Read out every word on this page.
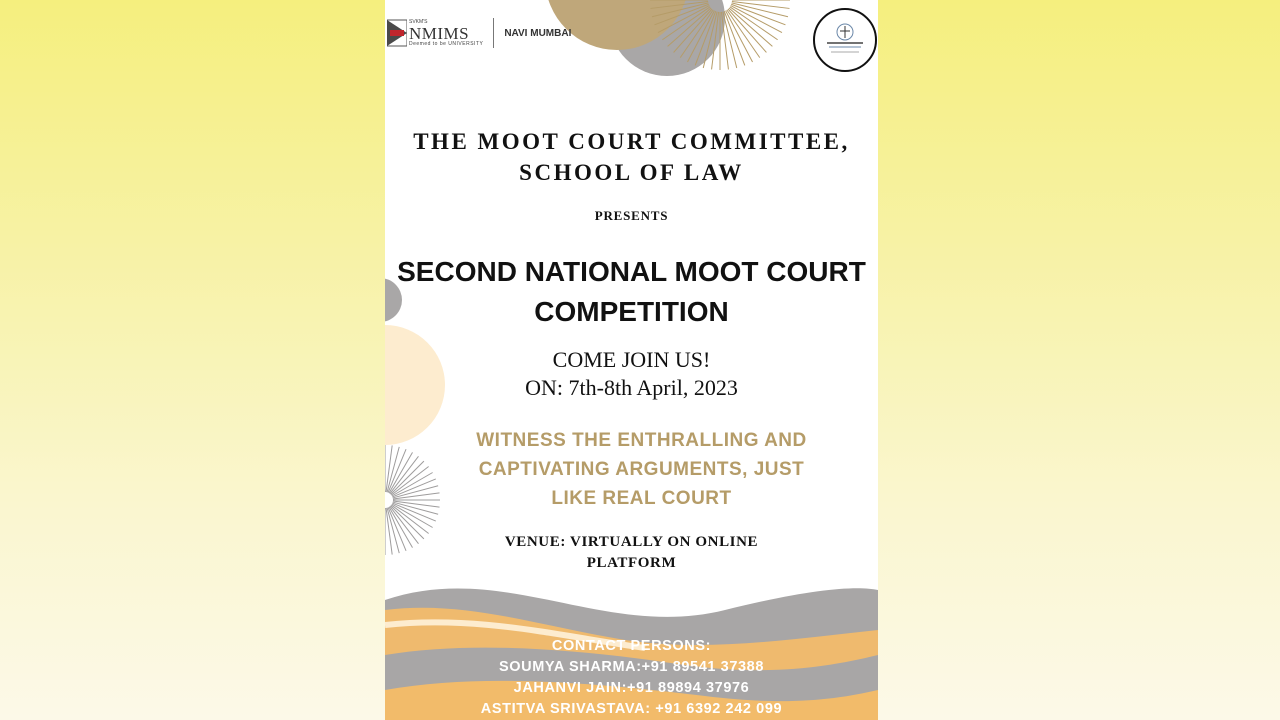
SVKM'S
NMIMS
Deemed to be UNIVERSITY
NAVI MUMBAI
THE MOOT COURT COMMITTEE,
SCHOOL OF LAW
PRESENTS
SECOND NATIONAL MOOT COURT
COMPETITION
COME JOIN US!
ON: 7th-8th April, 2023
WITNESS THE ENTHRALLING AND
CAPTIVATING ARGUMENTS, JUST
LIKE REAL COURT
VENUE: VIRTUALLY ON ONLINE
PLATFORM
CONTACT PERSONS:
SOUMYA SHARMA:+91 89541 37388
JAHANVI JAIN:+91 89894 37976
ASTITVA SRIVASTAVA: +91 6392 242 099
